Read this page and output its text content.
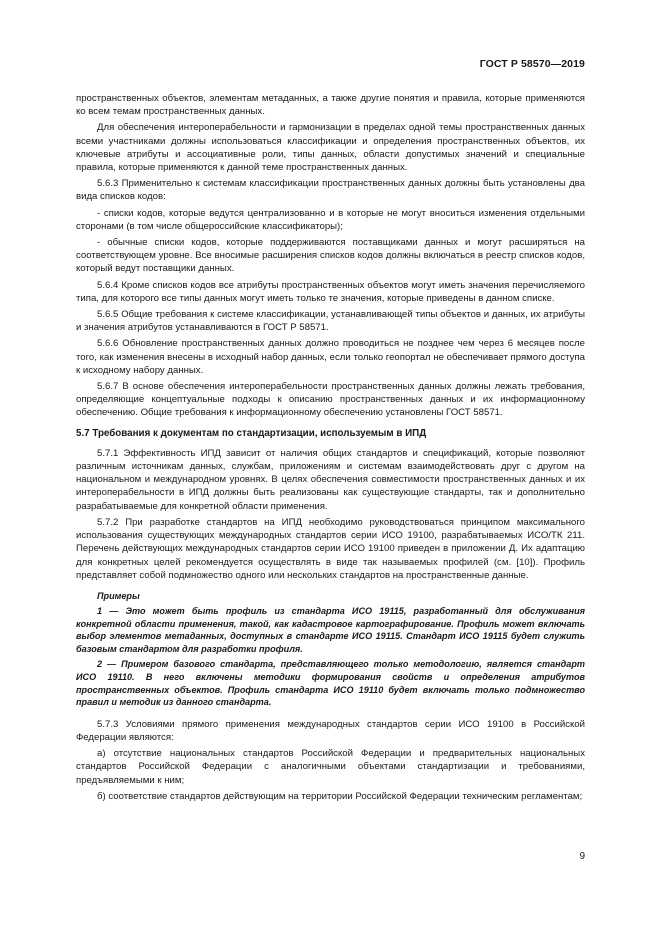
ГОСТ Р 58570—2019

пространственных объектов, элементам метаданных, а также другие понятия и правила, которые применяются ко всем темам пространственных данных.

Для обеспечения интероперабельности и гармонизации в пределах одной темы пространственных данных всеми участниками должны использоваться классификации и определения пространственных объектов, их ключевые атрибуты и ассоциативные роли, типы данных, области допустимых значений и специальные правила, которые применяются к данной теме пространственных данных.

5.6.3 Применительно к системам классификации пространственных данных должны быть установлены два вида списков кодов:

- списки кодов, которые ведутся централизованно и в которые не могут вноситься изменения отдельными сторонами (в том числе общероссийские классификаторы);

- обычные списки кодов, которые поддерживаются поставщиками данных и могут расширяться на соответствующем уровне. Все вносимые расширения списков кодов должны включаться в реестр списков кодов, который ведут поставщики данных.

5.6.4 Кроме списков кодов все атрибуты пространственных объектов могут иметь значения перечисляемого типа, для которого все типы данных могут иметь только те значения, которые приведены в данном списке.

5.6.5 Общие требования к системе классификации, устанавливающей типы объектов и данных, их атрибуты и значения атрибутов устанавливаются в ГОСТ Р 58571.

5.6.6 Обновление пространственных данных должно проводиться не позднее чем через 6 месяцев после того, как изменения внесены в исходный набор данных, если только геопортал не обеспечивает прямого доступа к исходному набору данных.

5.6.7 В основе обеспечения интероперабельности пространственных данных должны лежать требования, определяющие концептуальные подходы к описанию пространственных данных и их информационному обеспечению. Общие требования к информационному обеспечению установлены ГОСТ 58571.

5.7 Требования к документам по стандартизации, используемым в ИПД

5.7.1 Эффективность ИПД зависит от наличия общих стандартов и спецификаций, которые позволяют различным источникам данных, службам, приложениям и системам взаимодействовать друг с другом на национальном и международном уровнях. В целях обеспечения совместимости пространственных данных и их интероперабельности в ИПД должны быть реализованы как существующие стандарты, так и дополнительно разрабатываемые для конкретной области применения.

5.7.2 При разработке стандартов на ИПД необходимо руководствоваться принципом максимального использования существующих международных стандартов серии ИСО 19100, разрабатываемых ИСО/ТК 211. Перечень действующих международных стандартов серии ИСО 19100 приведен в приложении Д. Их адаптацию для конкретных целей рекомендуется осуществлять в виде так называемых профилей (см. [10]). Профиль представляет собой подмножество одного или нескольких стандартов на пространственные данные.

Примеры

1 — Это может быть профиль из стандарта ИСО 19115, разработанный для обслуживания конкретной области применения, такой, как кадастровое картографирование. Профиль может включать выбор элементов метаданных, доступных в стандарте ИСО 19115. Стандарт ИСО 19115 будет служить базовым стандартом для разработки профиля.

2 — Примером базового стандарта, представляющего только методологию, является стандарт ИСО 19110. В него включены методики формирования свойств и определения атрибутов пространственных объектов. Профиль стандарта ИСО 19110 будет включать только подмножество правил и методик из данного стандарта.

5.7.3 Условиями прямого применения международных стандартов серии ИСО 19100 в Российской Федерации являются:

а) отсутствие национальных стандартов Российской Федерации и предварительных национальных стандартов Российской Федерации с аналогичными объектами стандартизации и требованиями, предъявляемыми к ним;

б) соответствие стандартов действующим на территории Российской Федерации техническим регламентам;

9
